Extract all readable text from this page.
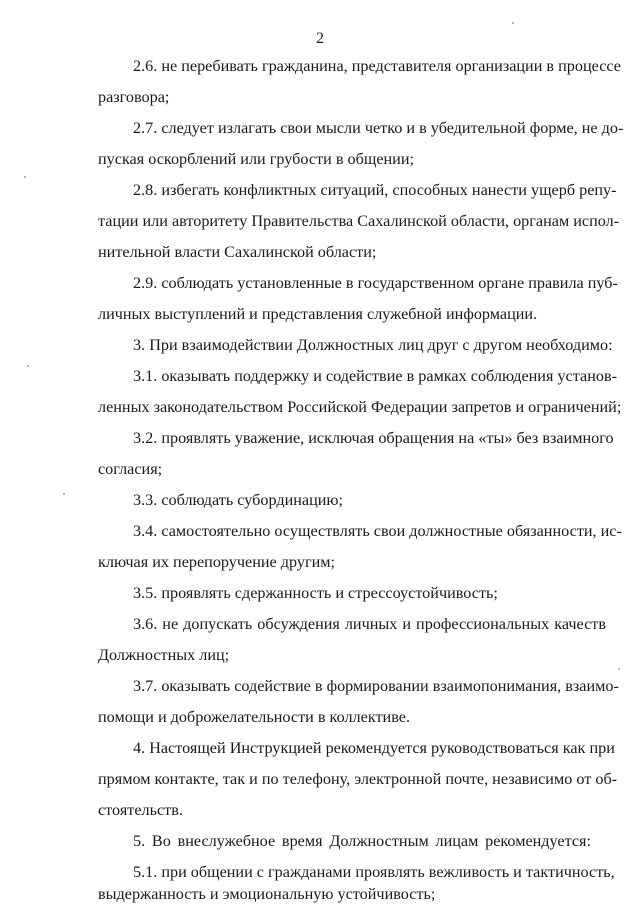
2
2.6. не перебивать гражданина, представителя организации в процессе
разговора;
2.7. следует излагать свои мысли четко и в убедительной форме, не до-
пуская оскорблений или грубости в общении;
2.8. избегать конфликтных ситуаций, способных нанести ущерб репу-
тации или авторитету Правительства Сахалинской области, органам испол-
нительной власти Сахалинской области;
2.9. соблюдать установленные в государственном органе правила пуб-
личных выступлений и представления служебной информации.
3. При взаимодействии Должностных лиц друг с другом необходимо:
3.1. оказывать поддержку и содействие в рамках соблюдения установ-
ленных законодательством Российской Федерации запретов и ограничений;
3.2. проявлять уважение, исключая обращения на «ты» без взаимного
согласия;
3.3. соблюдать субординацию;
3.4. самостоятельно осуществлять свои должностные обязанности, ис-
ключая их перепоручение другим;
3.5. проявлять сдержанность и стрессоустойчивость;
3.6. не допускать обсуждения личных и профессиональных качеств
Должностных лиц;
3.7. оказывать содействие в формировании взаимопонимания, взаимо-
помощи и доброжелательности в коллективе.
4. Настоящей Инструкцией рекомендуется руководствоваться как при
прямом контакте, так и по телефону, электронной почте, независимо от об-
стоятельств.
5. Во внеслужебное время Должностным лицам рекомендуется:
5.1. при общении с гражданами проявлять вежливость и тактичность,
выдержанность и эмоциональную устойчивость;
